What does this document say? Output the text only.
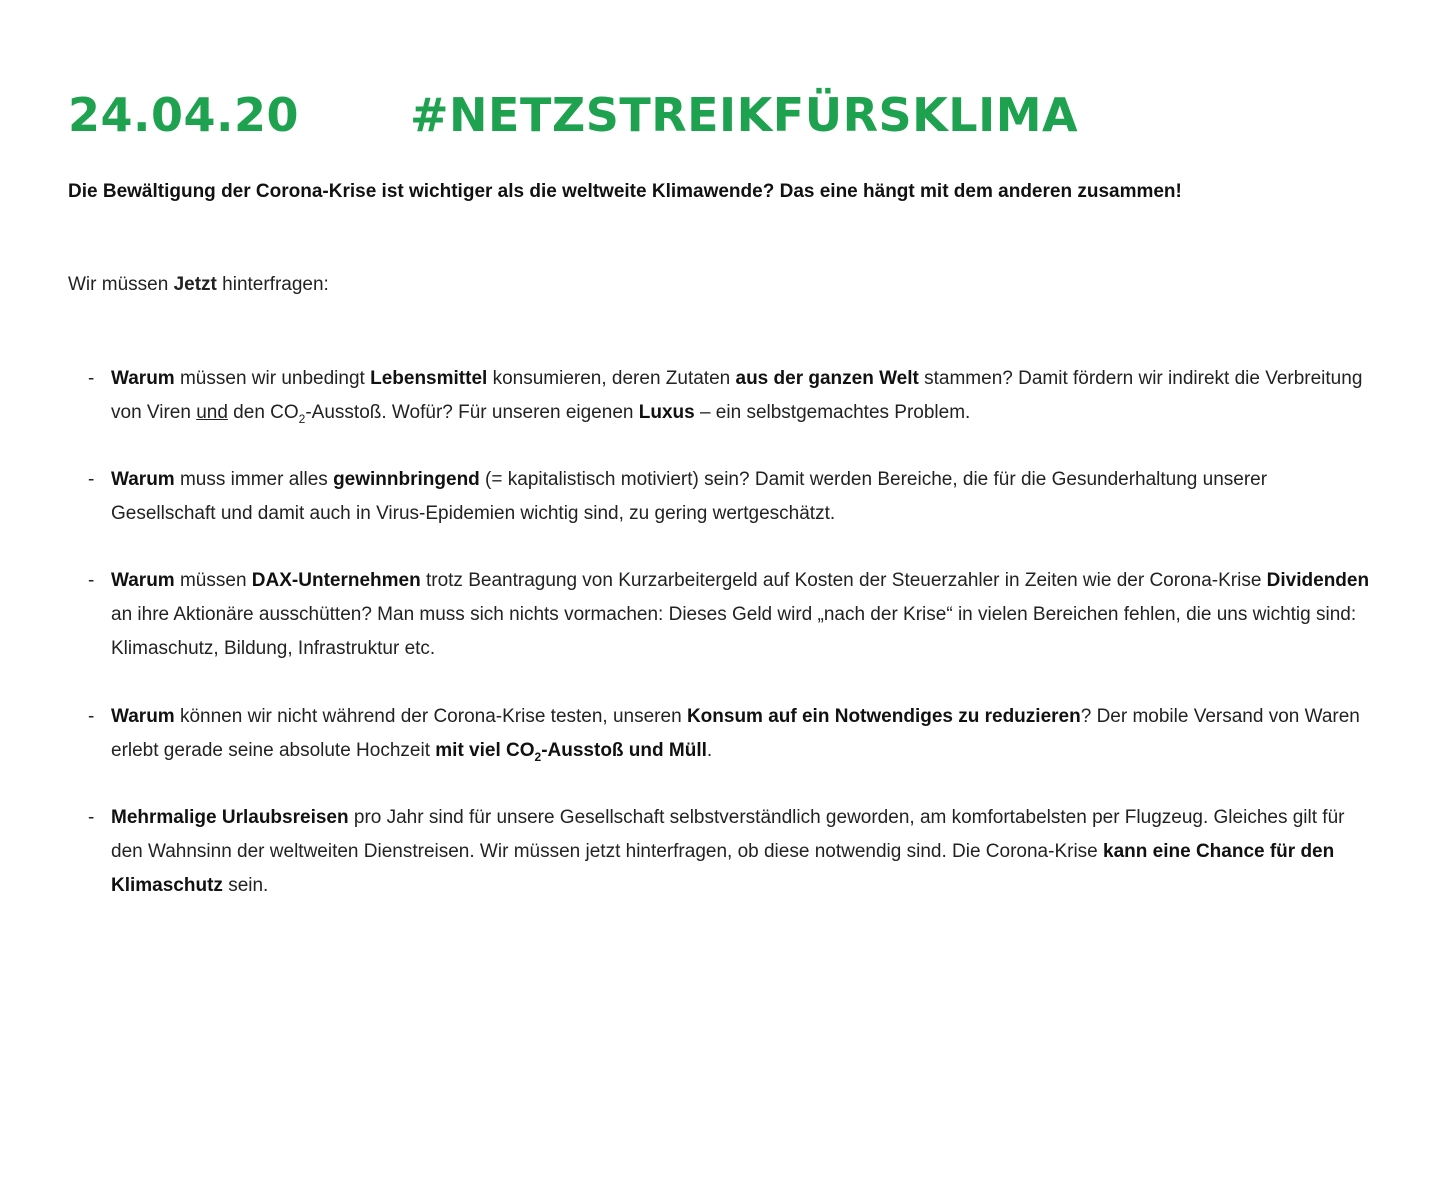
24.04.20	#NETZSTREIKFÜRSKLIMA
Die Bewältigung der Corona-Krise ist wichtiger als die weltweite Klimawende? Das eine hängt mit dem anderen zusammen!
Wir müssen Jetzt hinterfragen:
- Warum müssen wir unbedingt Lebensmittel konsumieren, deren Zutaten aus der ganzen Welt stammen? Damit fördern wir indirekt die Verbreitung von Viren und den $CO_2$-Ausstoß. Wofür? Für unseren eigenen Luxus – ein selbstgemachtes Problem.
- Warum muss immer alles gewinnbringend (= kapitalistisch motiviert) sein? Damit werden Bereiche, die für die Gesunderhaltung unserer Gesellschaft und damit auch in Virus-Epidemien wichtig sind, zu gering wertgeschätzt.
- Warum müssen DAX-Unternehmen trotz Beantragung von Kurzarbeitergeld auf Kosten der Steuerzahler in Zeiten wie der Corona-Krise Dividenden an ihre Aktionäre ausschütten? Man muss sich nichts vormachen: Dieses Geld wird „nach der Krise“ in vielen Bereichen fehlen, die uns wichtig sind: Klimaschutz, Bildung, Infrastruktur etc.
- Warum können wir nicht während der Corona-Krise testen, unseren Konsum auf ein Notwendiges zu reduzieren? Der mobile Versand von Waren erlebt gerade seine absolute Hochzeit mit viel $CO_2$-Ausstoß und Müll.
- Mehrmalige Urlaubsreisen pro Jahr sind für unsere Gesellschaft selbstverständlich geworden, am komfortabelsten per Flugzeug. Gleiches gilt für den Wahnsinn der weltweiten Dienstreisen. Wir müssen jetzt hinterfragen, ob diese notwendig sind. Die Corona-Krise kann eine Chance für den Klimaschutz sein.
